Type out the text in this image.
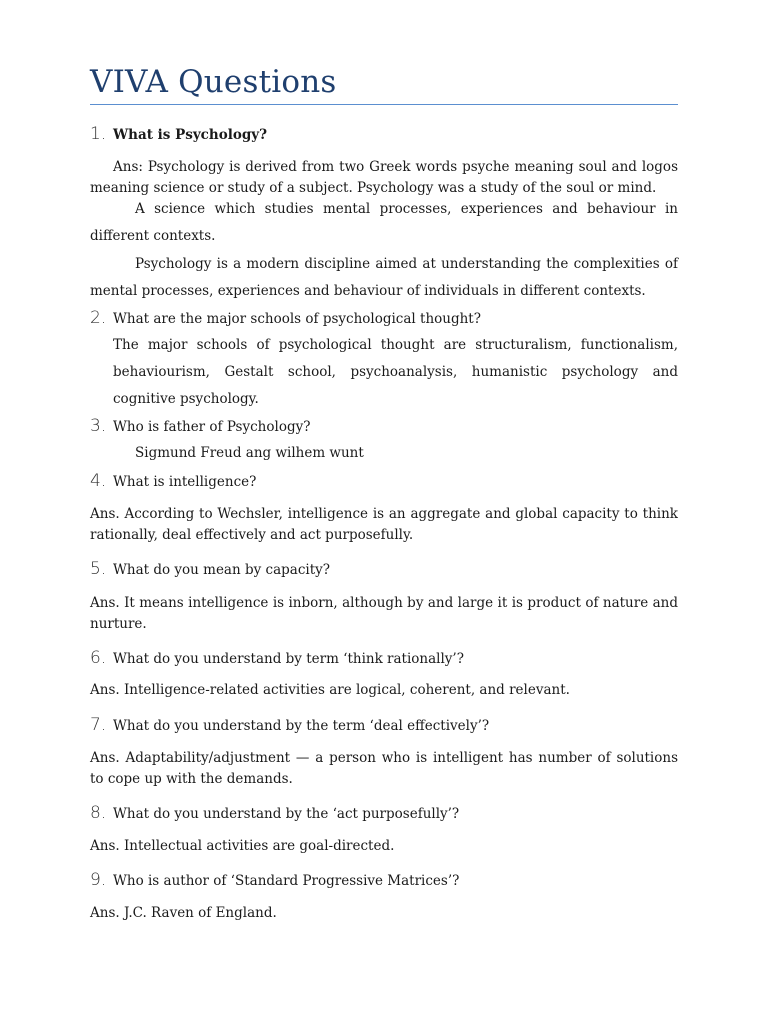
VIVA Questions
1. What is Psychology?
Ans: Psychology is derived from two Greek words psyche meaning soul and logos meaning science or study of a subject. Psychology was a study of the soul or mind.
A science which studies mental processes, experiences and behaviour in different contexts.
Psychology is a modern discipline aimed at understanding the complexities of mental processes, experiences and behaviour of individuals in different contexts.
2. What are the major schools of psychological thought?
The major schools of psychological thought are structuralism, functionalism, behaviourism, Gestalt school, psychoanalysis, humanistic psychology and cognitive psychology.
3. Who is father of Psychology?
Sigmund Freud ang wilhem wunt
4. What is intelligence?
Ans. According to Wechsler, intelligence is an aggregate and global capacity to think rationally, deal effectively and act purposefully.
5. What do you mean by capacity?
Ans. It means intelligence is inborn, although by and large it is product of nature and nurture.
6. What do you understand by term ‘think rationally’?
Ans. Intelligence-related activities are logical, coherent, and relevant.
7. What do you understand by the term ‘deal effectively’?
Ans. Adaptability/adjustment — a person who is intelligent has number of solutions to cope up with the demands.
8. What do you understand by the ‘act purposefully’?
Ans. Intellectual activities are goal-directed.
9. Who is author of ‘Standard Progressive Matrices’?
Ans. J.C. Raven of England.
